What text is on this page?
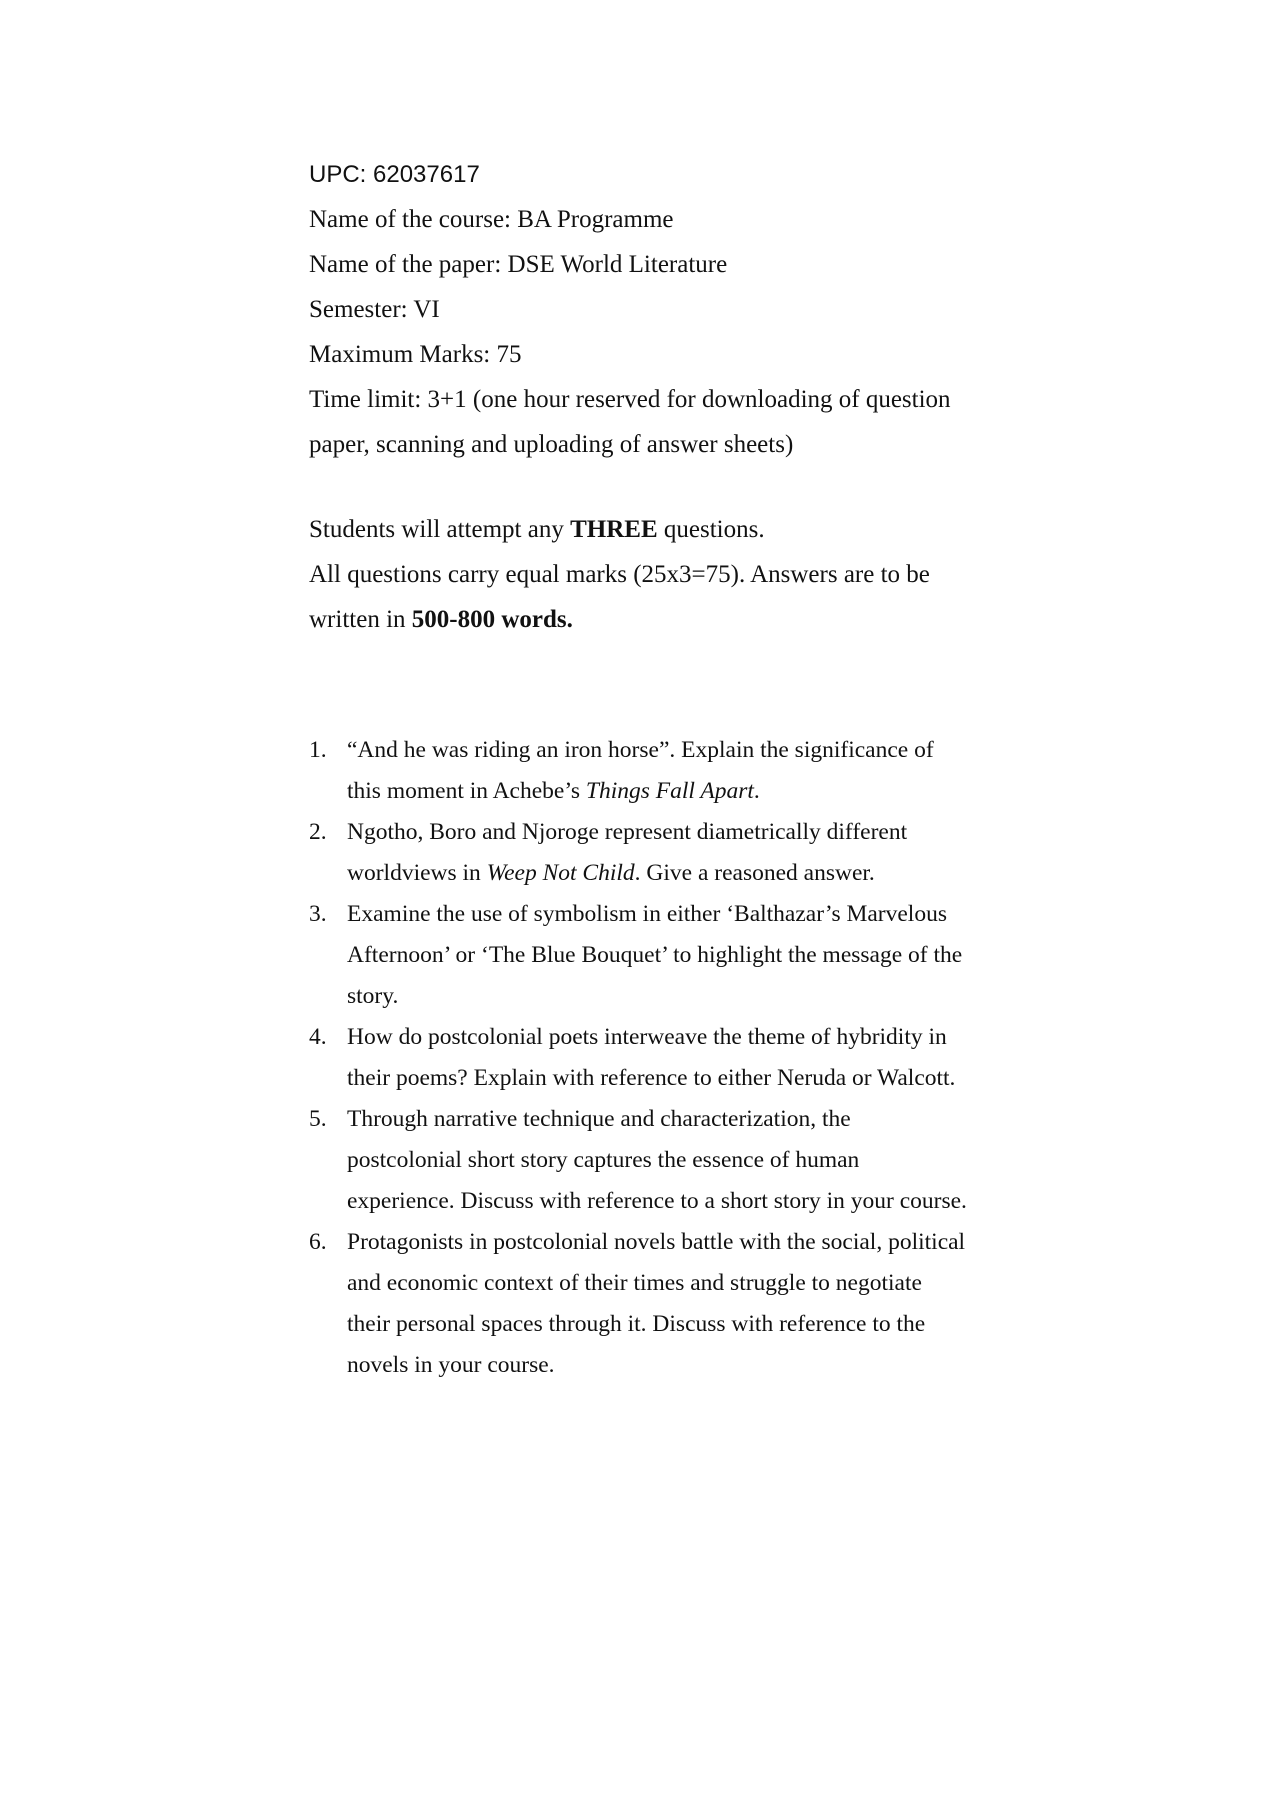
UPC: 62037617
Name of the course: BA Programme
Name of the paper: DSE World Literature
Semester: VI
Maximum Marks: 75
Time limit: 3+1 (one hour reserved for downloading of question
paper, scanning and uploading of answer sheets)
Students will attempt any THREE questions.
All questions carry equal marks (25x3=75). Answers are to be
written in 500-800 words.
1. “And he was riding an iron horse”. Explain the significance of
this moment in Achebe’s Things Fall Apart.
2. Ngotho, Boro and Njoroge represent diametrically different
worldviews in Weep Not Child. Give a reasoned answer.
3. Examine the use of symbolism in either ‘Balthazar’s Marvelous
Afternoon’ or ‘The Blue Bouquet’ to highlight the message of the
story.
4. How do postcolonial poets interweave the theme of hybridity in
their poems? Explain with reference to either Neruda or Walcott.
5. Through narrative technique and characterization, the
postcolonial short story captures the essence of human
experience. Discuss with reference to a short story in your course.
6. Protagonists in postcolonial novels battle with the social, political
and economic context of their times and struggle to negotiate
their personal spaces through it. Discuss with reference to the
novels in your course.
